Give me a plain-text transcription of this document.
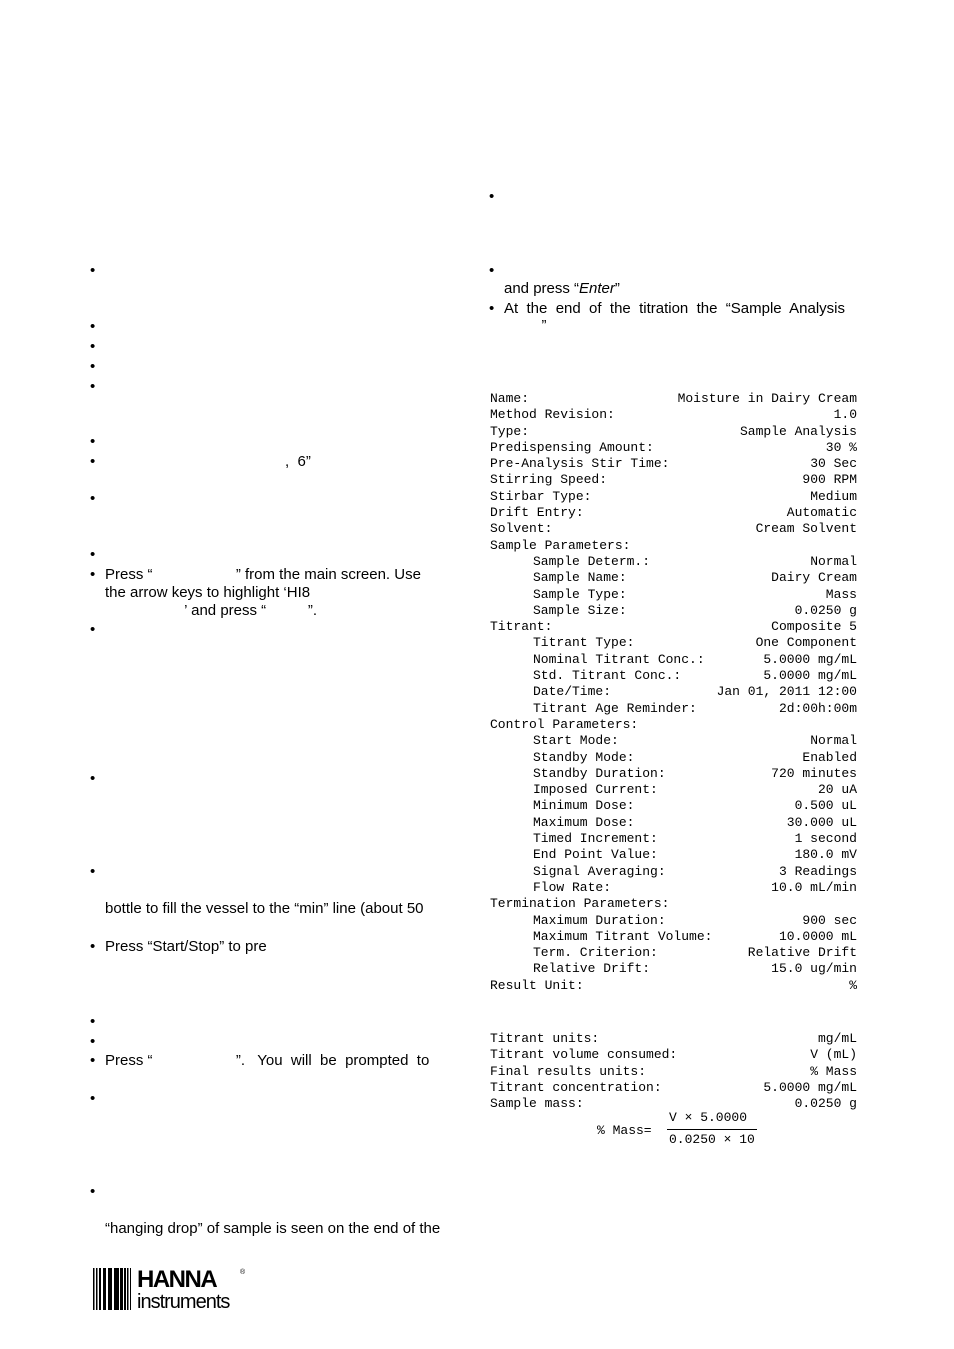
,  6”
• Press “                    ” from the main screen. Use
the arrow keys to highlight ‘HI8
’ and press “          ”.
bottle to fill the vessel to the “min” line (about 50
Press “Start/Stop” to pre
Press “                    ”.   You  will  be  prompted  to
“hanging drop” of sample is seen on the end of the
and press “Enter”
At  the  end  of  the  titration  the  “Sample  Analysis
”
Name:	Moisture in Dairy Cream
Method Revision:	1.0
Type:	Sample Analysis
Predispensing Amount:	30 %
Pre-Analysis Stir Time:	30 Sec
Stirring Speed:	900 RPM
Stirbar Type:	Medium
Drift Entry:	Automatic
Solvent:	Cream Solvent
Sample Parameters:
Sample Determ.:	Normal
Sample Name:	Dairy Cream
Sample Type:	Mass
Sample Size:	0.0250 g
Titrant:	Composite 5
Titrant Type:	One Component
Nominal Titrant Conc.:	5.0000 mg/mL
Std. Titrant Conc.:	5.0000 mg/mL
Date/Time:	Jan 01, 2011 12:00
Titrant Age Reminder:	2d:00h:00m
Control Parameters:
Start Mode:	Normal
Standby Mode:	Enabled
Standby Duration:	720 minutes
Imposed Current:	20 uA
Minimum Dose:	0.500 uL
Maximum Dose:	30.000 uL
Timed Increment:	1 second
End Point Value:	180.0 mV
Signal Averaging:	3 Readings
Flow Rate:	10.0 mL/min
Termination Parameters:
Maximum Duration:	900 sec
Maximum Titrant Volume:	10.0000 mL
Term. Criterion:	Relative Drift
Relative Drift:	15.0 ug/min
Result Unit:	%
Titrant units:	mg/mL
Titrant volume consumed:	V (mL)
Final results units:	% Mass
Titrant concentration:	5.0000 mg/mL
Sample mass:	0.0250 g
% Mass=
V × 5.0000
0.0250 × 10
HANNA	®
instruments
